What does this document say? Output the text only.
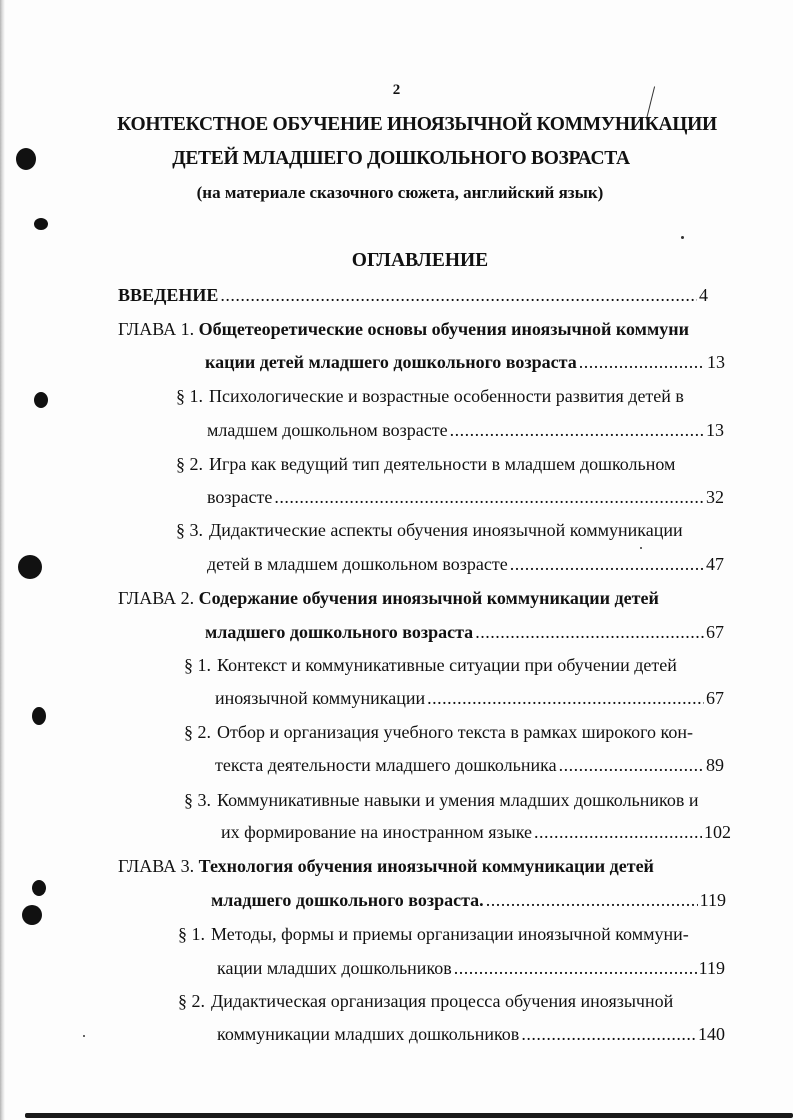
2
КОНТЕКСТНОЕ ОБУЧЕНИЕ ИНОЯЗЫЧНОЙ КОММУНИКАЦИИ
ДЕТЕЙ МЛАДШЕГО ДОШКОЛЬНОГО ВОЗРАСТА
(на материале сказочного сюжета, английский язык)
ОГЛАВЛЕНИЕ
ВВЕДЕНИЕ .....	4
ГЛАВА 1. Общетеоретические основы обучения иноязычной коммуни
кации детей младшего дошкольного возраста .....	13
§ 1. Психологические и возрастные особенности развития детей в
младшем дошкольном возрасте .....	13
§ 2. Игра как ведущий тип деятельности в младшем дошкольном
возрасте .....	32
§ 3. Дидактические аспекты обучения иноязычной коммуникации
детей в младшем дошкольном возрасте .....	47
ГЛАВА 2. Содержание обучения иноязычной коммуникации детей
младшего дошкольного возраста .....	67
§ 1. Контекст и коммуникативные ситуации при обучении детей
иноязычной коммуникации .....	67
§ 2. Отбор и организация учебного текста в рамках широкого кон-
текста деятельности младшего дошкольника .....	89
§ 3. Коммуникативные навыки и умения младших дошкольников и
их формирование на иностранном языке .....	102
ГЛАВА 3. Технология обучения иноязычной коммуникации детей
младшего дошкольного возраста. .....	119
§ 1. Методы, формы и приемы организации иноязычной коммуни-
кации младших дошкольников .....	119
§ 2. Дидактическая организация процесса обучения иноязычной
коммуникации младших дошкольников .....	140
